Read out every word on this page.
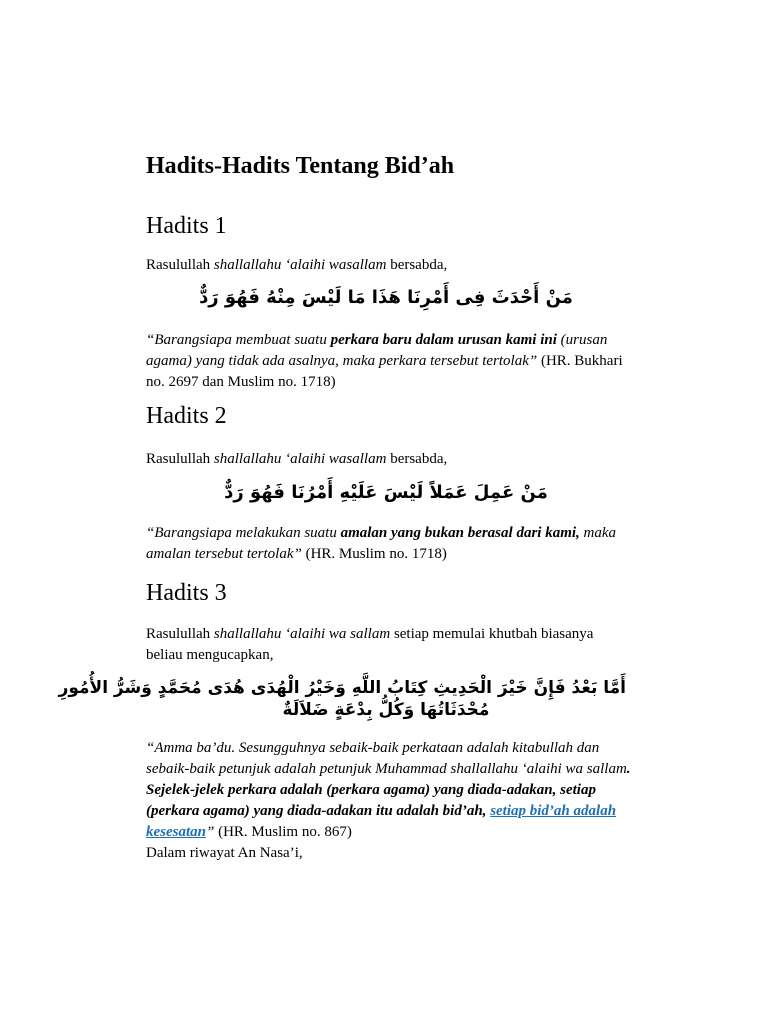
Hadits-Hadits Tentang Bid’ah
Hadits 1

Rasulullah shallallahu ‘alaihi wasallam bersabda,

مَنْ أَحْدَثَ فِى أَمْرِنَا هَذَا مَا لَيْسَ مِنْهُ فَهُوَ رَدٌّ

“Barangsiapa membuat suatu perkara baru dalam urusan kami ini (urusan agama) yang tidak ada asalnya, maka perkara tersebut tertolak” (HR. Bukhari no. 2697 dan Muslim no. 1718)

Hadits 2

Rasulullah shallallahu ‘alaihi wasallam bersabda,

مَنْ عَمِلَ عَمَلاً لَيْسَ عَلَيْهِ أَمْرُنَا فَهُوَ رَدٌّ

“Barangsiapa melakukan suatu amalan yang bukan berasal dari kami, maka amalan tersebut tertolak” (HR. Muslim no. 1718)

Hadits 3

Rasulullah shallallahu ‘alaihi wa sallam setiap memulai khutbah biasanya beliau mengucapkan,

أَمَّا بَعْدُ فَإِنَّ خَيْرَ الْحَدِيثِ كِتَابُ اللَّهِ وَخَيْرُ الْهُدَى هُدَى مُحَمَّدٍ وَشَرُّ الأُمُورِ
مُحْدَثَاتُهَا وَكُلُّ بِدْعَةٍ ضَلاَلَةٌ

“Amma ba’du. Sesungguhnya sebaik-baik perkataan adalah kitabullah dan sebaik-baik petunjuk adalah petunjuk Muhammad shallallahu ‘alaihi wa sallam. Sejelek-jelek perkara adalah (perkara agama) yang diada-adakan, setiap (perkara agama) yang diada-adakan itu adalah bid’ah, setiap bid’ah adalah kesesatan” (HR. Muslim no. 867)

Dalam riwayat An Nasa’i,
